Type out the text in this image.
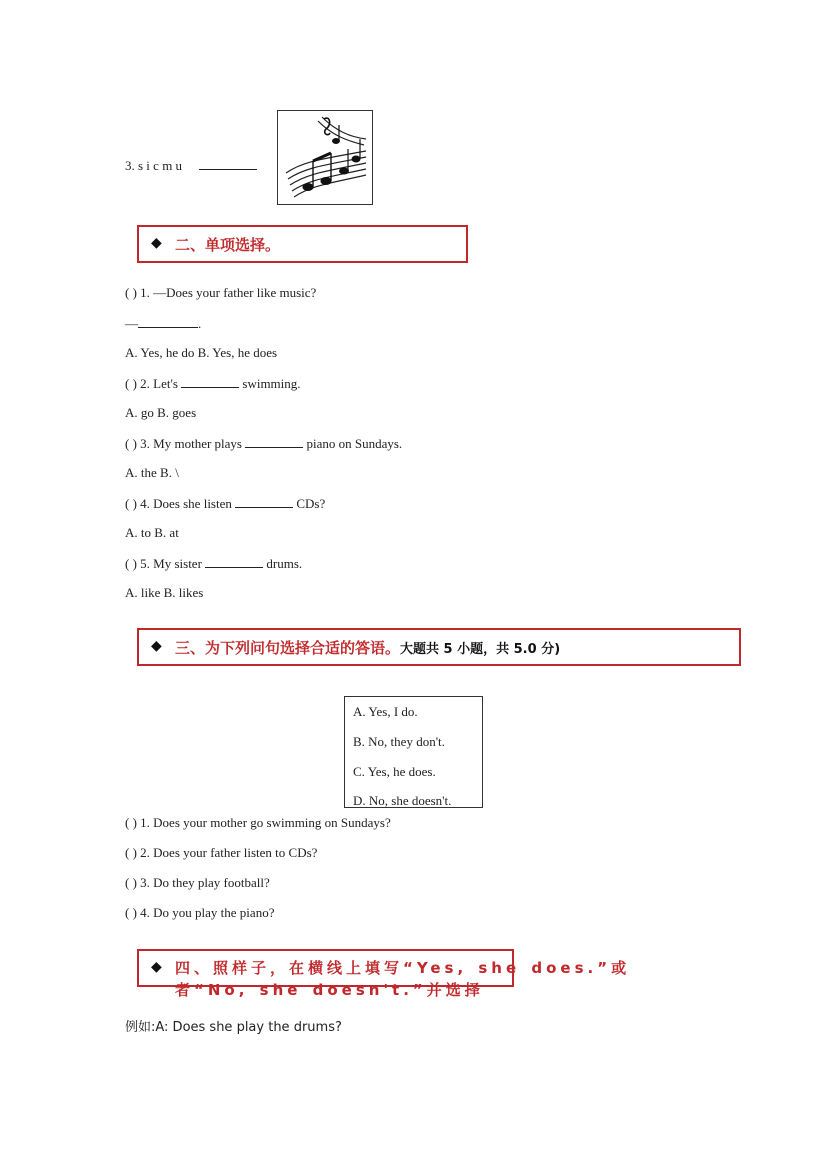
3. s i c m u
◆ 二、单项选择。
( ) 1. —Does your father like music?
—	.
A. Yes, he do B. Yes, he does
( ) 2. Let's	swimming.
A. go B. goes
( ) 3. My mother plays	piano on Sundays.
A. the B. \
( ) 4. Does she listen	CDs?
A. to B. at
( ) 5. My sister	drums.
A. like B. likes
◆ 三、为下列问句选择合适的答语。大题共 5 小题，共 5.0 分)
A. Yes, I do.
B. No, they don't.
C. Yes, he does.
D. No, she doesn't.
( ) 1. Does your mother go swimming on Sundays?
( ) 2. Does your father listen to CDs?
( ) 3. Do they play football?
( ) 4. Do you play the piano?
◆ 四、照样子，在横线上填写“Yes, she does.”或者“No, she doesn't.”并选择
例如:A: Does she play the drums?
